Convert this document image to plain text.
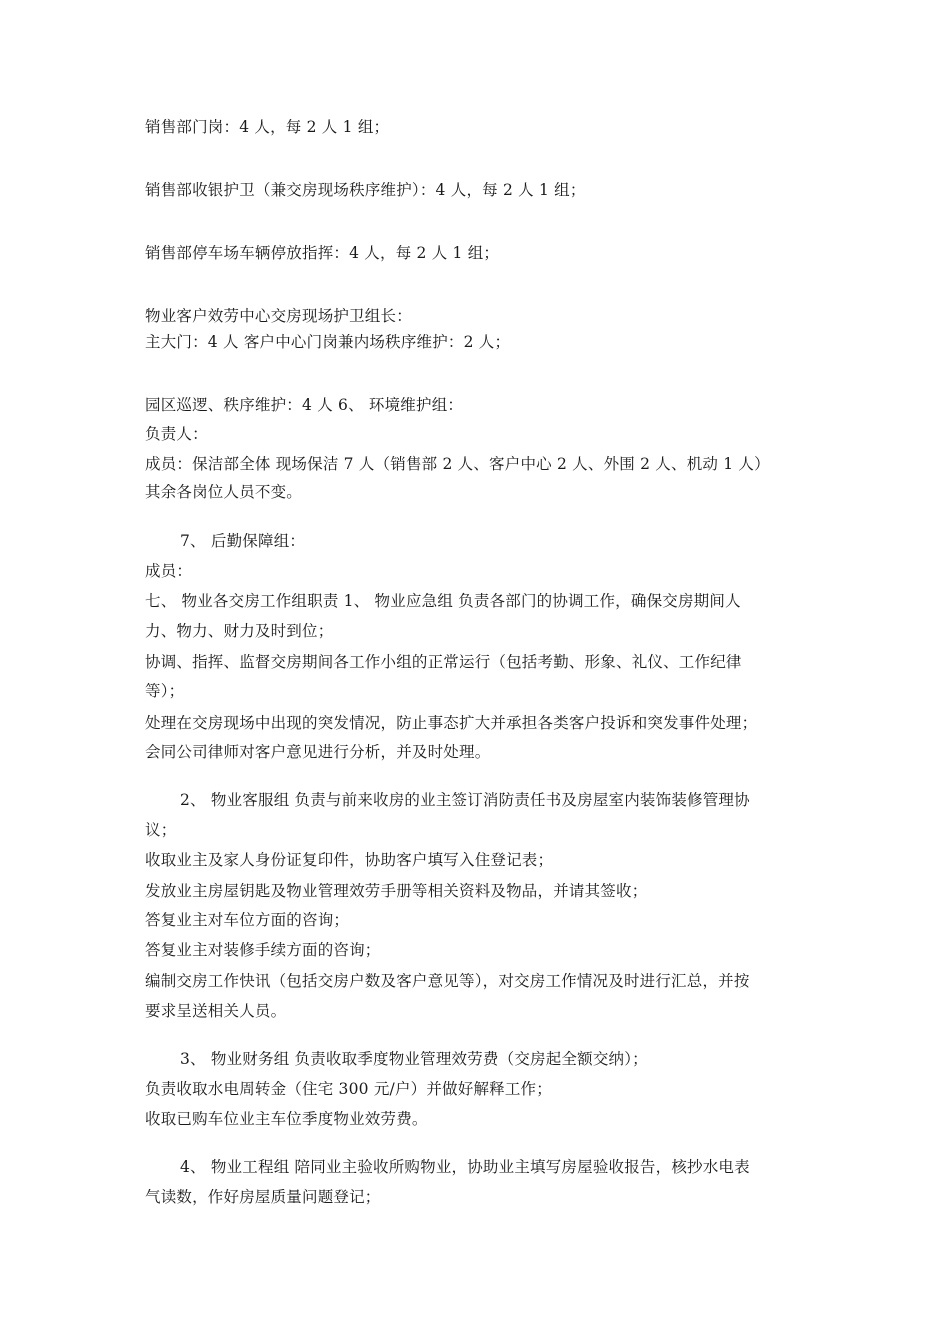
销售部门岗：4 人，每 2 人 1 组；
销售部收银护卫（兼交房现场秩序维护）：4 人，每 2 人 1 组；
销售部停车场车辆停放指挥：4 人，每 2 人 1 组；
物业客户效劳中心交房现场护卫组长：
主大门：4 人 客户中心门岗兼内场秩序维护：2 人；
园区巡逻、秩序维护：4 人 6、 环境维护组：
负责人：
成员：保洁部全体 现场保洁 7 人（销售部 2 人、客户中心 2 人、外围 2 人、机动 1 人）
其余各岗位人员不变。
7、 后勤保障组：
成员：
七、 物业各交房工作组职责 1、 物业应急组 负责各部门的协调工作，确保交房期间人
力、物力、财力及时到位；
协调、指挥、监督交房期间各工作小组的正常运行（包括考勤、形象、礼仪、工作纪律
等）；
处理在交房现场中出现的突发情况，防止事态扩大并承担各类客户投诉和突发事件处理；
会同公司律师对客户意见进行分析，并及时处理。
2、 物业客服组 负责与前来收房的业主签订消防责任书及房屋室内装饰装修管理协
议；
收取业主及家人身份证复印件，协助客户填写入住登记表；
发放业主房屋钥匙及物业管理效劳手册等相关资料及物品，并请其签收；
答复业主对车位方面的咨询；
答复业主对装修手续方面的咨询；
编制交房工作快讯（包括交房户数及客户意见等），对交房工作情况及时进行汇总，并按
要求呈送相关人员。
3、 物业财务组 负责收取季度物业管理效劳费（交房起全额交纳）；
负责收取水电周转金（住宅 300 元/户）并做好解释工作；
收取已购车位业主车位季度物业效劳费。
4、 物业工程组 陪同业主验收所购物业，协助业主填写房屋验收报告，核抄水电表
气读数，作好房屋质量问题登记；
